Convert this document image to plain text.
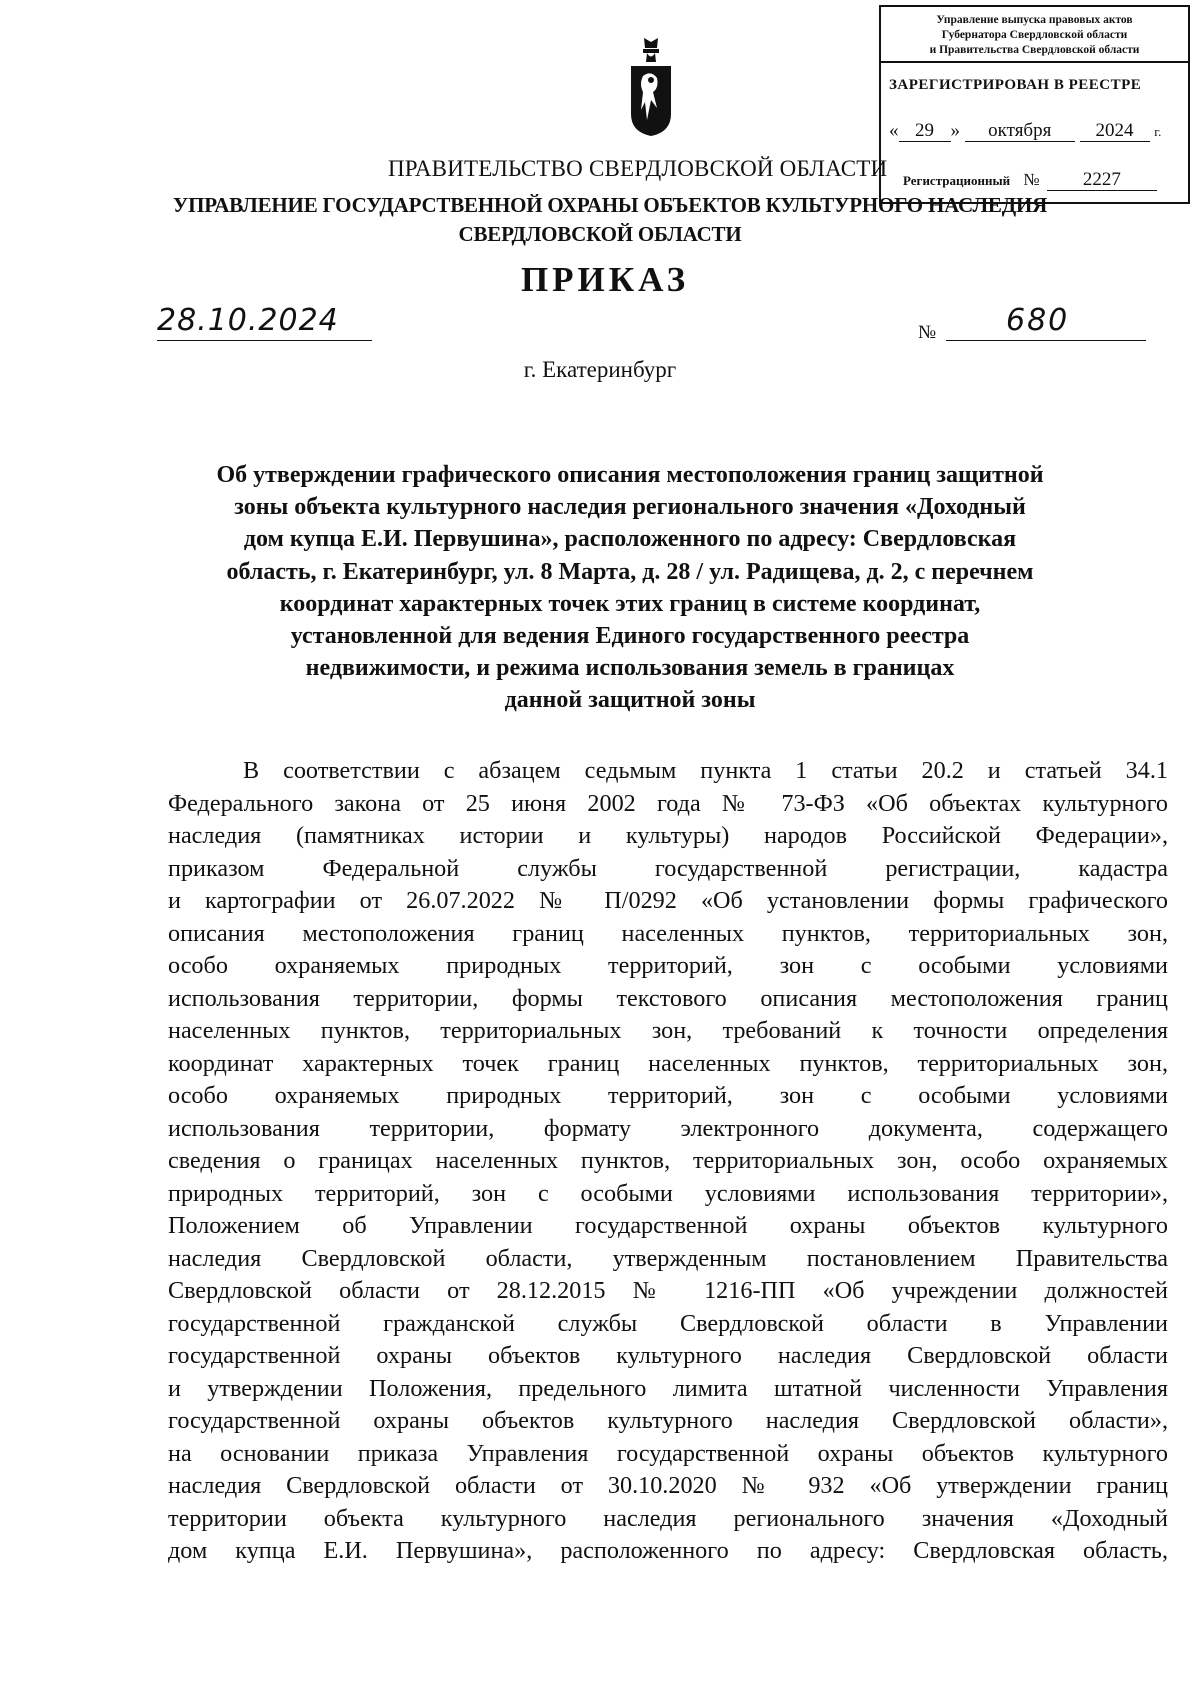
Управление выпуска правовых актов
Губернатора Свердловской области
и Правительства Свердловской области
ЗАРЕГИСТРИРОВАН В РЕЕСТРЕ
« 29 » октября 2024 г.
Регистрационный № 2227
ПРАВИТЕЛЬСТВО СВЕРДЛОВСКОЙ ОБЛАСТИ
УПРАВЛЕНИЕ ГОСУДАРСТВЕННОЙ ОХРАНЫ ОБЪЕКТОВ КУЛЬТУРНОГО НАСЛЕДИЯ
СВЕРДЛОВСКОЙ ОБЛАСТИ
ПРИКАЗ
28.10.2024	№ 680
г. Екатеринбург
Об утверждении графического описания местоположения границ защитной
зоны объекта культурного наследия регионального значения «Доходный
дом купца Е.И. Первушина», расположенного по адресу: Свердловская
область, г. Екатеринбург, ул. 8 Марта, д. 28 / ул. Радищева, д. 2, с перечнем
координат характерных точек этих границ в системе координат,
установленной для ведения Единого государственного реестра
недвижимости, и режима использования земель в границах
данной защитной зоны
В соответствии с абзацем седьмым пункта 1 статьи 20.2 и статьей 34.1
Федерального закона от 25 июня 2002 года № 73-ФЗ «Об объектах культурного
наследия (памятниках истории и культуры) народов Российской Федерации»,
приказом Федеральной службы государственной регистрации, кадастра
и картографии от 26.07.2022 № П/0292 «Об установлении формы графического
описания местоположения границ населенных пунктов, территориальных зон,
особо охраняемых природных территорий, зон с особыми условиями
использования территории, формы текстового описания местоположения границ
населенных пунктов, территориальных зон, требований к точности определения
координат характерных точек границ населенных пунктов, территориальных зон,
особо охраняемых природных территорий, зон с особыми условиями
использования территории, формату электронного документа, содержащего
сведения о границах населенных пунктов, территориальных зон, особо охраняемых
природных территорий, зон с особыми условиями использования территории»,
Положением об Управлении государственной охраны объектов культурного
наследия Свердловской области, утвержденным постановлением Правительства
Свердловской области от 28.12.2015 № 1216-ПП «Об учреждении должностей
государственной гражданской службы Свердловской области в Управлении
государственной охраны объектов культурного наследия Свердловской области
и утверждении Положения, предельного лимита штатной численности Управления
государственной охраны объектов культурного наследия Свердловской области»,
на основании приказа Управления государственной охраны объектов культурного
наследия Свердловской области от 30.10.2020 № 932 «Об утверждении границ
территории объекта культурного наследия регионального значения «Доходный
дом купца Е.И. Первушина», расположенного по адресу: Свердловская область,
